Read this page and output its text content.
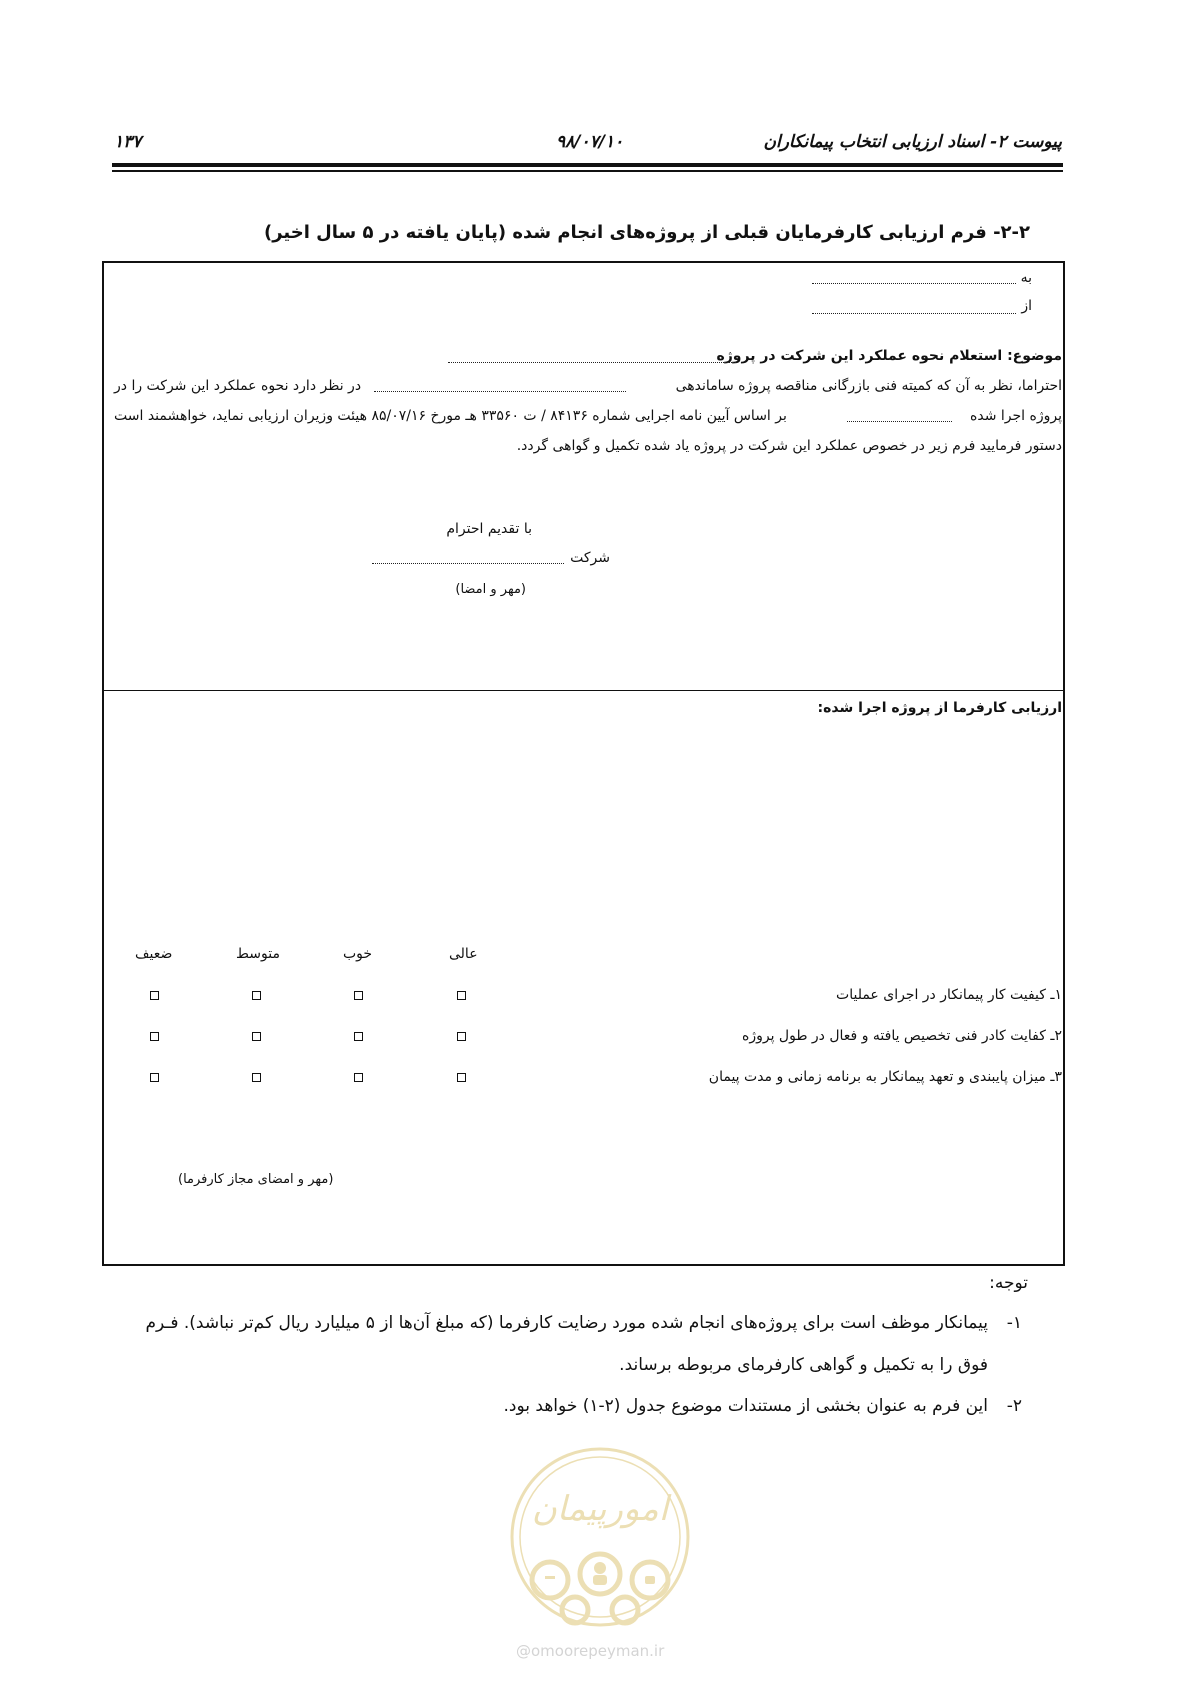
پیوست ۲- اسناد ارزیابی انتخاب پیمانکاران
۹۸/۰۷/۱۰
۱۳۷
۲-۲- فرم ارزیابی کارفرمایان قبلی از پروژه‌های انجام شده (پایان یافته در ۵ سال اخیر)
به
از
موضوع: استعلام نحوه عملکرد این شرکت در پروژه
احتراما، نظر به آن که کمیته فنی بازرگانی مناقصه پروژه ساماندهی
در نظر دارد نحوه عملکرد این شرکت را در
پروژه اجرا شده
بر اساس آیین نامه اجرایی شماره ۸۴۱۳۶ / ت ۳۳۵۶۰ هـ مورخ ۸۵/۰۷/۱۶ هیئت وزیران ارزیابی نماید، خواهشمند است
دستور فرمایید فرم زیر در خصوص عملکرد این شرکت در پروژه یاد شده تکمیل و گواهی گردد.
با تقدیم احترام
شرکت
(مهر و امضا)
ارزیابی کارفرما از پروژه اجرا شده:
عالی
خوب
متوسط
ضعیف
۱ـ کیفیت کار پیمانکار در اجرای عملیات
۲ـ کفایت کادر فنی تخصیص یافته و فعال در طول پروژه
۳ـ میزان پایبندی و تعهد پیمانکار به برنامه زمانی و مدت پیمان
(مهر و امضای مجاز کارفرما)
توجه:
۱-
پیمانکار موظف است برای پروژه‌های انجام شده مورد رضایت کارفرما (که مبلغ آن‌ها از ۵ میلیارد ریال کم‌تر نباشد). فـرم
فوق را به تکمیل و گواهی کارفرمای مربوطه برساند.
۲-
این فرم به عنوان بخشی از مستندات موضوع جدول (۲-۱) خواهد بود.
امورپیمان
@omoorepeyman.ir
